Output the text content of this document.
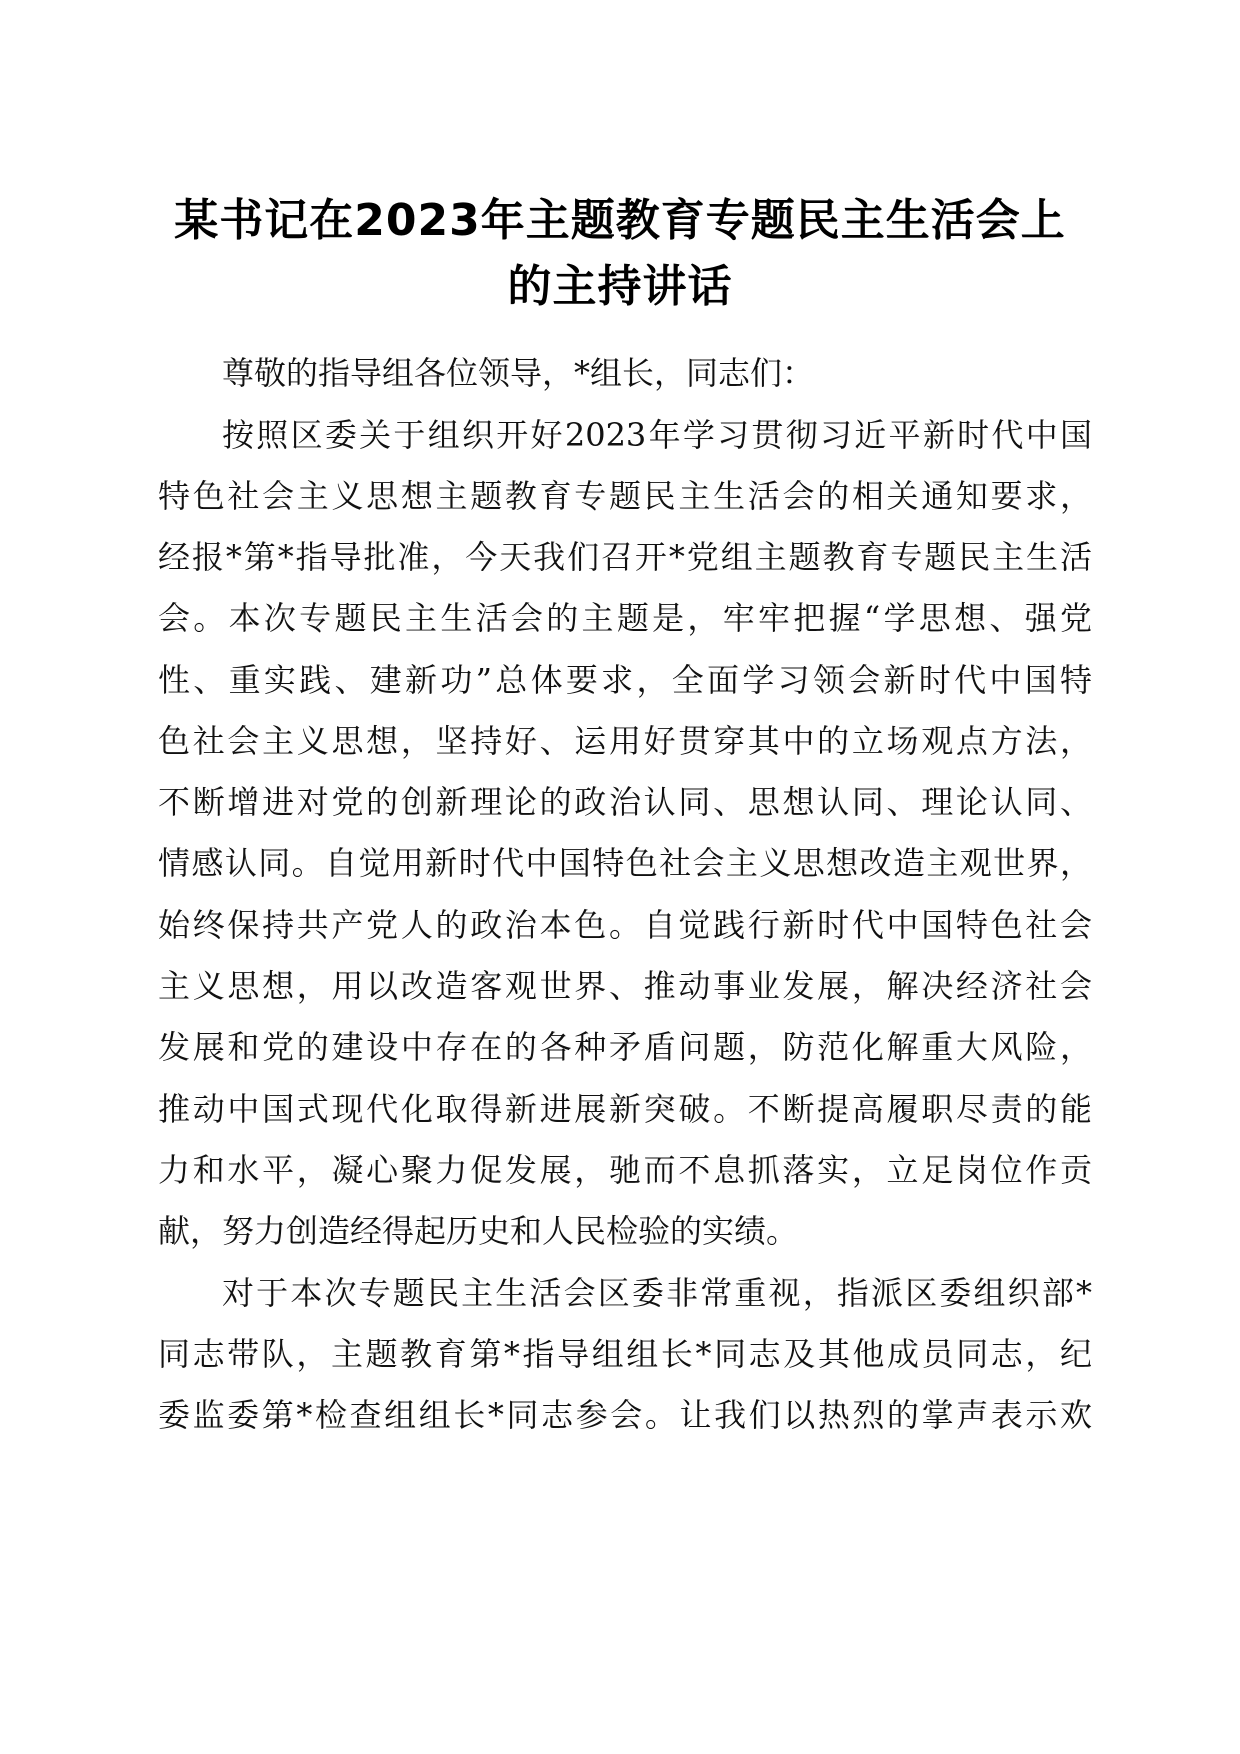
某书记在2023年主题教育专题民主生活会上
的主持讲话

尊敬的指导组各位领导，*组长，同志们：

按照区委关于组织开好2023年学习贯彻习近平新时代中国

特色社会主义思想主题教育专题民主生活会的相关通知要求，

经报*第*指导批准，今天我们召开*党组主题教育专题民主生活

会。本次专题民主生活会的主题是，牢牢把握“学思想、强党

性、重实践、建新功”总体要求，全面学习领会新时代中国特

色社会主义思想，坚持好、运用好贯穿其中的立场观点方法，

不断增进对党的创新理论的政治认同、思想认同、理论认同、

情感认同。自觉用新时代中国特色社会主义思想改造主观世界，

始终保持共产党人的政治本色。自觉践行新时代中国特色社会

主义思想，用以改造客观世界、推动事业发展，解决经济社会

发展和党的建设中存在的各种矛盾问题，防范化解重大风险，

推动中国式现代化取得新进展新突破。不断提高履职尽责的能

力和水平，凝心聚力促发展，驰而不息抓落实，立足岗位作贡

献，努力创造经得起历史和人民检验的实绩。

对于本次专题民主生活会区委非常重视，指派区委组织部*

同志带队，主题教育第*指导组组长*同志及其他成员同志，纪

委监委第*检查组组长*同志参会。让我们以热烈的掌声表示欢
